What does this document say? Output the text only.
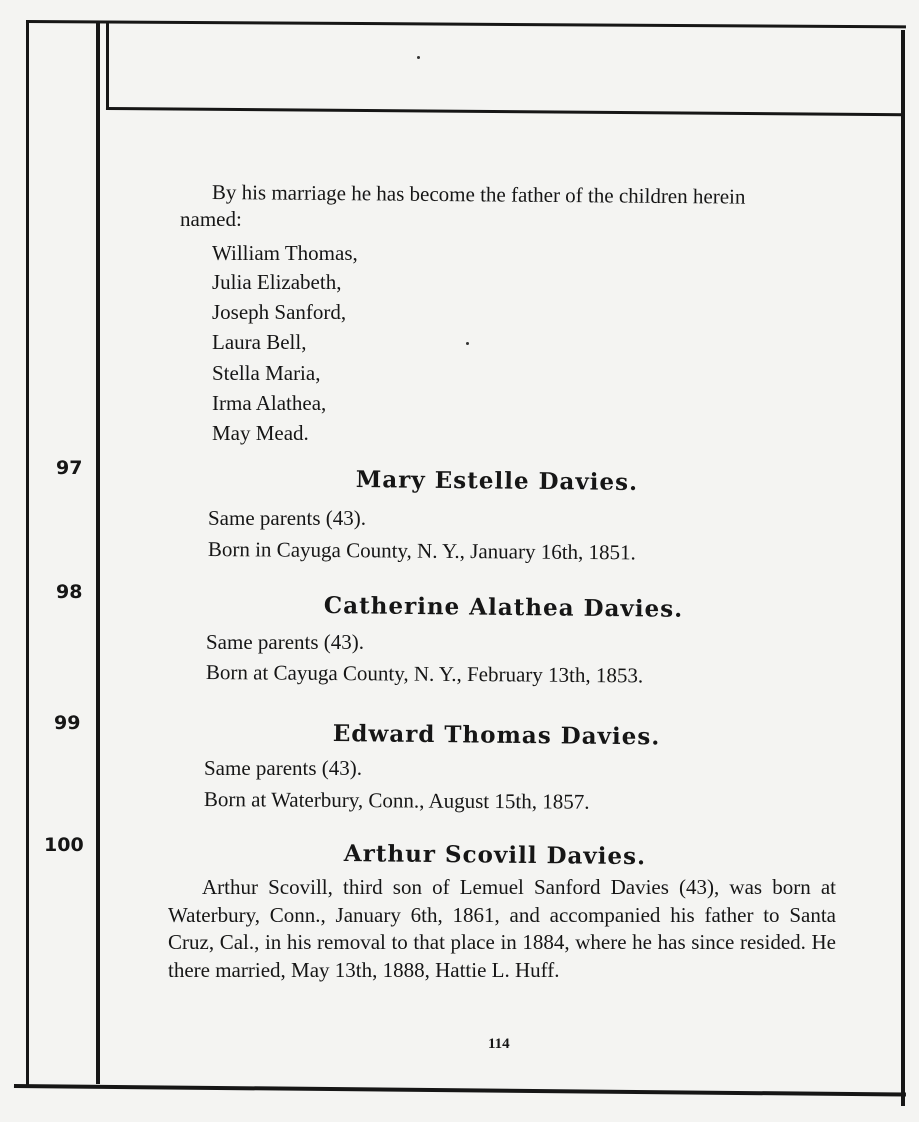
By his marriage he has become the father of the children herein
named:
William Thomas,
Julia Elizabeth,
Joseph Sanford,
Laura Bell,
Stella Maria,
Irma Alathea,
May Mead.
97	Mary Estelle Davies.
Same parents (43).
Born in Cayuga County, N. Y., January 16th, 1851.
98	Catherine Alathea Davies.
Same parents (43).
Born at Cayuga County, N. Y., February 13th, 1853.
99	Edward Thomas Davies.
Same parents (43).
Born at Waterbury, Conn., August 15th, 1857.
100	Arthur Scovill Davies.
Arthur Scovill, third son of Lemuel Sanford Davies (43), was born at Waterbury, Conn., January 6th, 1861, and accompanied his father to Santa Cruz, Cal., in his removal to that place in 1884, where he has since resided. He there married, May 13th, 1888, Hattie L. Huff.
114
